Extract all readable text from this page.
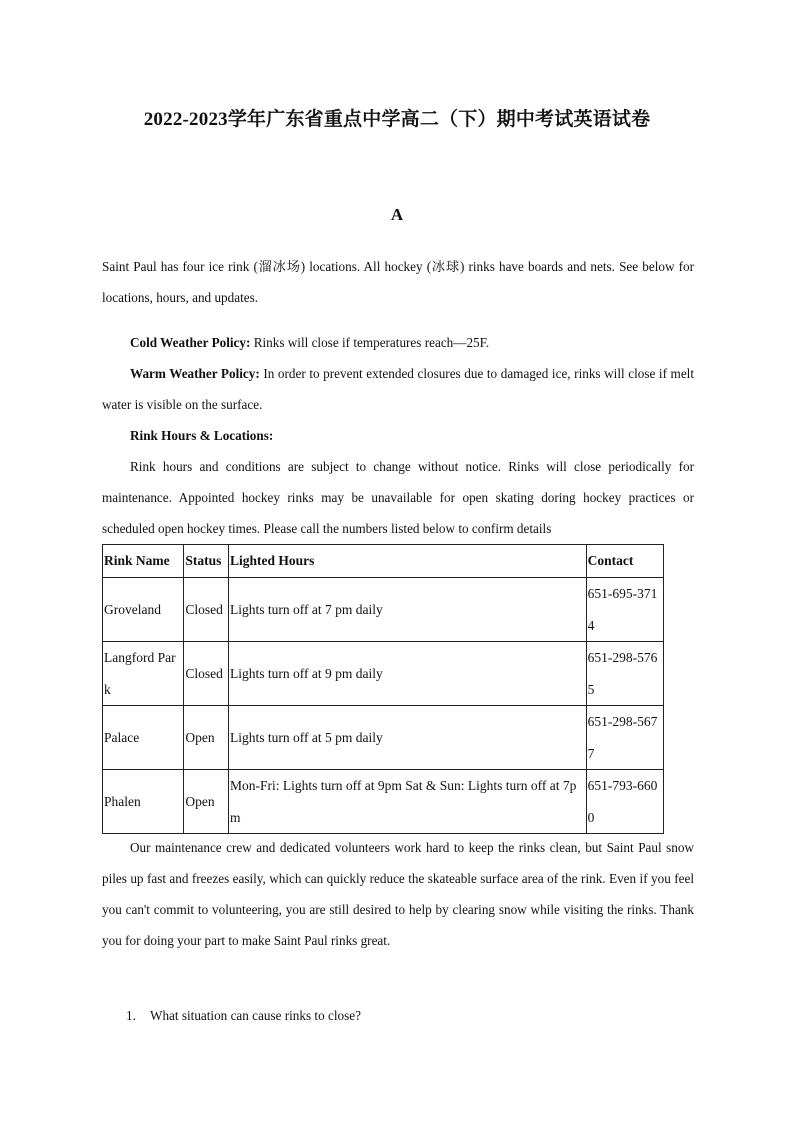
2022-2023学年广东省重点中学高二（下）期中考试英语试卷
A
Saint Paul has four ice rink (溜冰场) locations. All hockey (冰球) rinks have boards and nets. See below for locations, hours, and updates.
Cold Weather Policy: Rinks will close if temperatures reach—25F.
Warm Weather Policy: In order to prevent extended closures due to damaged ice, rinks will close if melt water is visible on the surface.
Rink Hours & Locations:
Rink hours and conditions are subject to change without notice. Rinks will close periodically for maintenance. Appointed hockey rinks may be unavailable for open skating doring hockey practices or scheduled open hockey times. Please call the numbers listed below to confirm details
Rink Name	Status	Lighted Hours	Contact
Groveland	Closed	Lights turn off at 7 pm daily	651-695-3714
Langford Park	Closed	Lights turn off at 9 pm daily	651-298-5765
Palace	Open	Lights turn off at 5 pm daily	651-298-5677
Phalen	Open	Mon-Fri: Lights turn off at 9pm Sat & Sun: Lights turn off at 7pm	651-793-6600
Our maintenance crew and dedicated volunteers work hard to keep the rinks clean, but Saint Paul snow piles up fast and freezes easily, which can quickly reduce the skateable surface area of the rink. Even if you feel you can't commit to volunteering, you are still desired to help by clearing snow while visiting the rinks. Thank you for doing your part to make Saint Paul rinks great.
1. What situation can cause rinks to close?
